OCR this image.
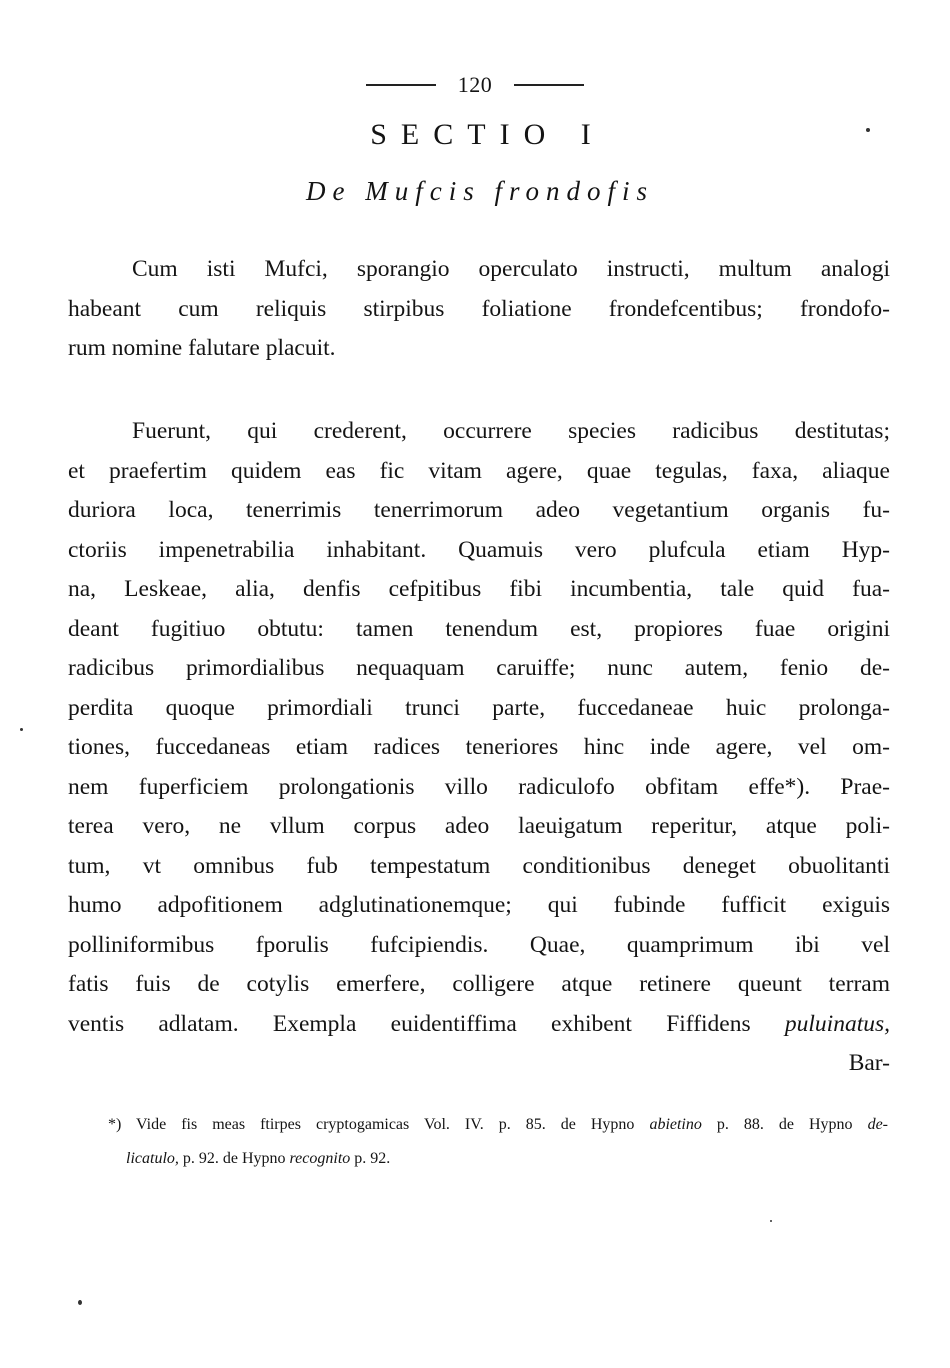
120
SECTIO I
De Mufcis frondofis
Cum isti Mufci, sporangio operculato instructi, multum analogi
habeant cum reliquis stirpibus foliatione frondefcentibus; frondofo-
rum nomine falutare placuit.
Fuerunt, qui crederent, occurrere species radicibus destitutas;
et praefertim quidem eas fic vitam agere, quae tegulas, faxa, aliaque
duriora loca, tenerrimis tenerrimorum adeo vegetantium organis fu-
ctoriis impenetrabilia inhabitant. Quamuis vero plufcula etiam Hyp-
na, Leskeae, alia, denfis cefpitibus fibi incumbentia, tale quid fua-
deant fugitiuo obtutu: tamen tenendum est, propiores fuae origini
radicibus primordialibus nequaquam caruiffe; nunc autem, fenio de-
perdita quoque primordiali trunci parte, fuccedaneae huic prolonga-
tiones, fuccedaneas etiam radices teneriores hinc inde agere, vel om-
nem fuperficiem prolongationis villo radiculofo obfitam effe*). Prae-
terea vero, ne vllum corpus adeo laeuigatum reperitur, atque poli-
tum, vt omnibus fub tempestatum conditionibus deneget obuolitanti
humo adpofitionem adglutinationemque; qui fubinde fufficit exiguis
polliniformibus fporulis fufcipiendis. Quae, quamprimum ibi vel
fatis fuis de cotylis emerfere, colligere atque retinere queunt terram
ventis adlatam. Exempla euidentiffima exhibent Fiffidens puluinatus,
Bar-
*) Vide fis meas ftirpes cryptogamicas Vol. IV. p. 85. de Hypno abietino p. 88. de Hypno de-
licatulo, p. 92. de Hypno recognito p. 92.
